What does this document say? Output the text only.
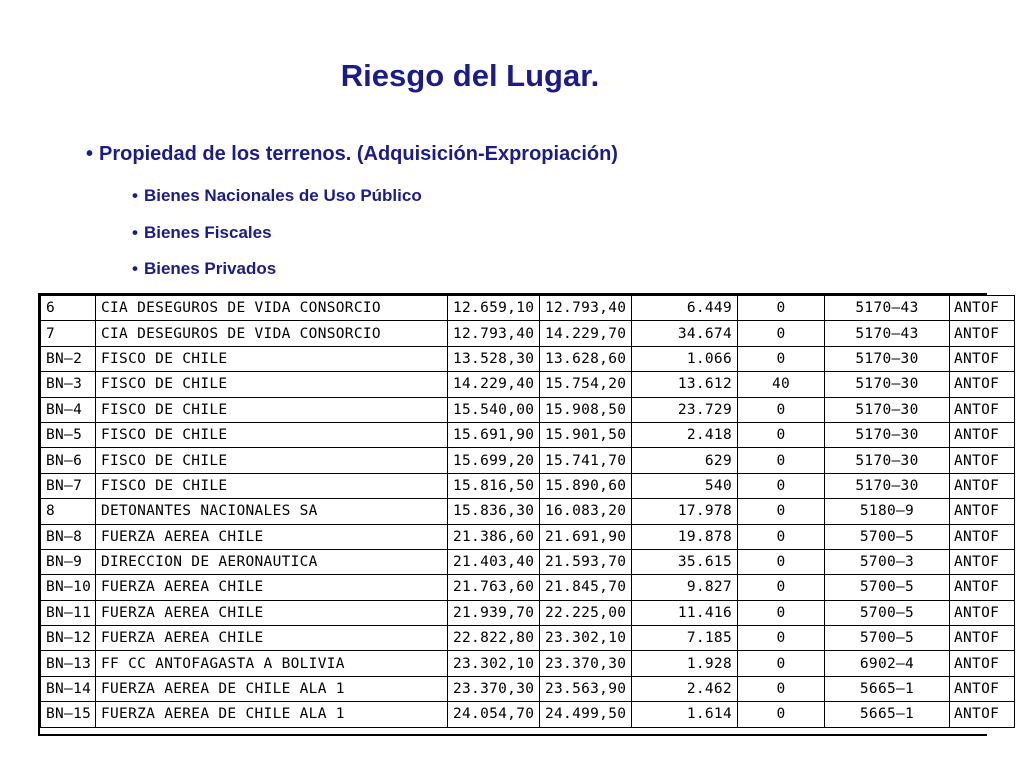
Riesgo del Lugar.
• Propiedad de los terrenos. (Adquisición-Expropiación)
• Bienes Nacionales de Uso Público
• Bienes Fiscales
• Bienes Privados
6	CIA DESEGUROS DE VIDA CONSORCIO	12.659,10	12.793,40	6.449	0	5170–43	ANTOF
7	CIA DESEGUROS DE VIDA CONSORCIO	12.793,40	14.229,70	34.674	0	5170–43	ANTOF
BN–2	FISCO DE CHILE	13.528,30	13.628,60	1.066	0	5170–30	ANTOF
BN–3	FISCO DE CHILE	14.229,40	15.754,20	13.612	40	5170–30	ANTOF
BN–4	FISCO DE CHILE	15.540,00	15.908,50	23.729	0	5170–30	ANTOF
BN–5	FISCO DE CHILE	15.691,90	15.901,50	2.418	0	5170–30	ANTOF
BN–6	FISCO DE CHILE	15.699,20	15.741,70	629	0	5170–30	ANTOF
BN–7	FISCO DE CHILE	15.816,50	15.890,60	540	0	5170–30	ANTOF
8	DETONANTES NACIONALES SA	15.836,30	16.083,20	17.978	0	5180–9	ANTOF
BN–8	FUERZA AEREA CHILE	21.386,60	21.691,90	19.878	0	5700–5	ANTOF
BN–9	DIRECCION DE AERONAUTICA	21.403,40	21.593,70	35.615	0	5700–3	ANTOF
BN–10	FUERZA AEREA CHILE	21.763,60	21.845,70	9.827	0	5700–5	ANTOF
BN–11	FUERZA AEREA CHILE	21.939,70	22.225,00	11.416	0	5700–5	ANTOF
BN–12	FUERZA AEREA CHILE	22.822,80	23.302,10	7.185	0	5700–5	ANTOF
BN–13	FF CC ANTOFAGASTA A BOLIVIA	23.302,10	23.370,30	1.928	0	6902–4	ANTOF
BN–14	FUERZA AEREA DE CHILE ALA 1	23.370,30	23.563,90	2.462	0	5665–1	ANTOF
BN–15	FUERZA AEREA DE CHILE ALA 1	24.054,70	24.499,50	1.614	0	5665–1	ANTOF
